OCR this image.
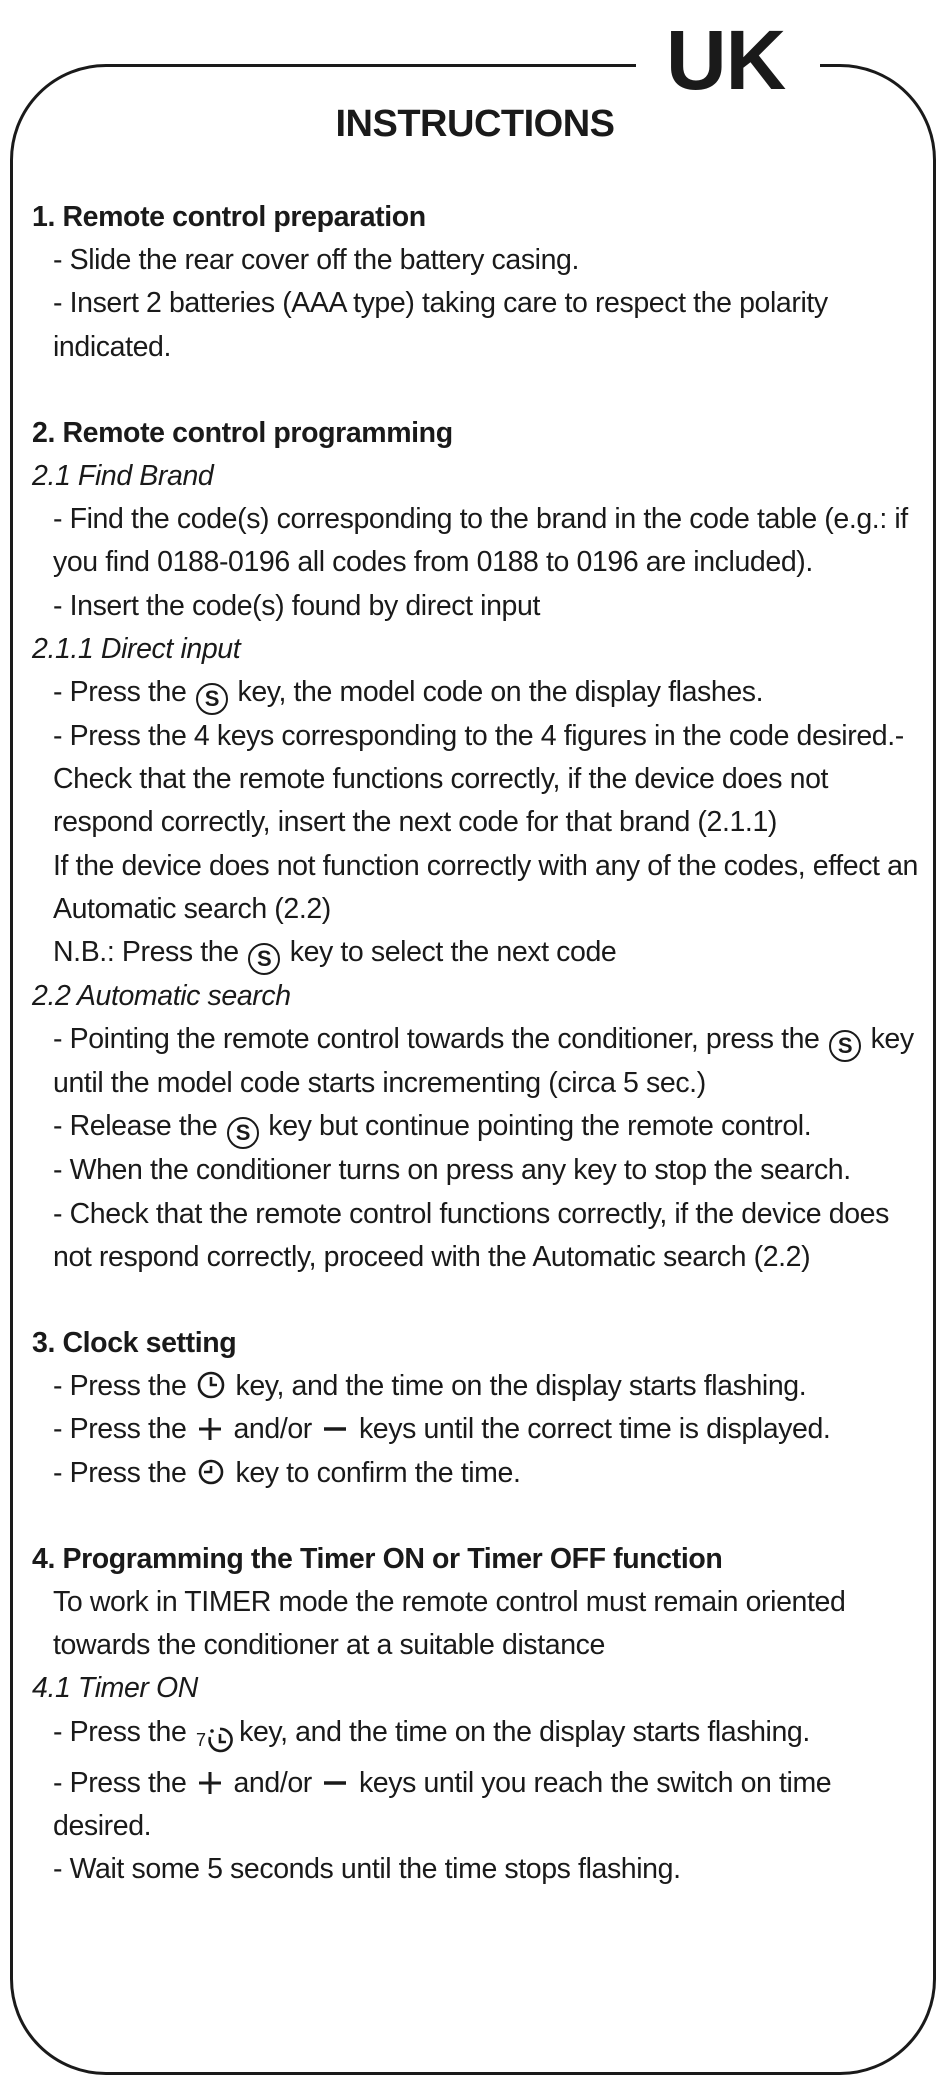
UK
INSTRUCTIONS
1. Remote control preparation
- Slide the rear cover off the battery casing.
- Insert 2 batteries (AAA type) taking care to respect the polarity indicated.
2. Remote control programming
2.1 Find Brand
- Find the code(s) corresponding to the brand in the code table (e.g.: if you find 0188-0196 all codes from 0188 to 0196 are included).
- Insert the code(s) found by direct input
2.1.1 Direct input
- Press the S key, the model code on the display flashes.
- Press the 4 keys corresponding to the 4 figures in the code desired.- Check that the remote functions correctly, if the device does not respond correctly, insert the next code for that brand (2.1.1)
If the device does not function correctly with any of the codes, effect an Automatic search (2.2)
N.B.: Press the S key to select the next code
2.2 Automatic search
- Pointing the remote control towards the conditioner, press the S key until the model code starts incrementing (circa 5 sec.)
- Release the S key but continue pointing the remote control.
- When the conditioner turns on press any key to stop the search.
- Check that the remote control functions correctly, if the device does not respond correctly, proceed with the Automatic search (2.2)
3. Clock setting
- Press the key, and the time on the display starts flashing.
- Press the and/or keys until the correct time is displayed.
- Press the key to confirm the time.
4. Programming the Timer ON or Timer OFF function
To work in TIMER mode the remote control must remain oriented towards the conditioner at a suitable distance
4.1 Timer ON
- Press the 7 key, and the time on the display starts flashing.
- Press the and/or keys until you reach the switch on time desired.
- Wait some 5 seconds until the time stops flashing.
